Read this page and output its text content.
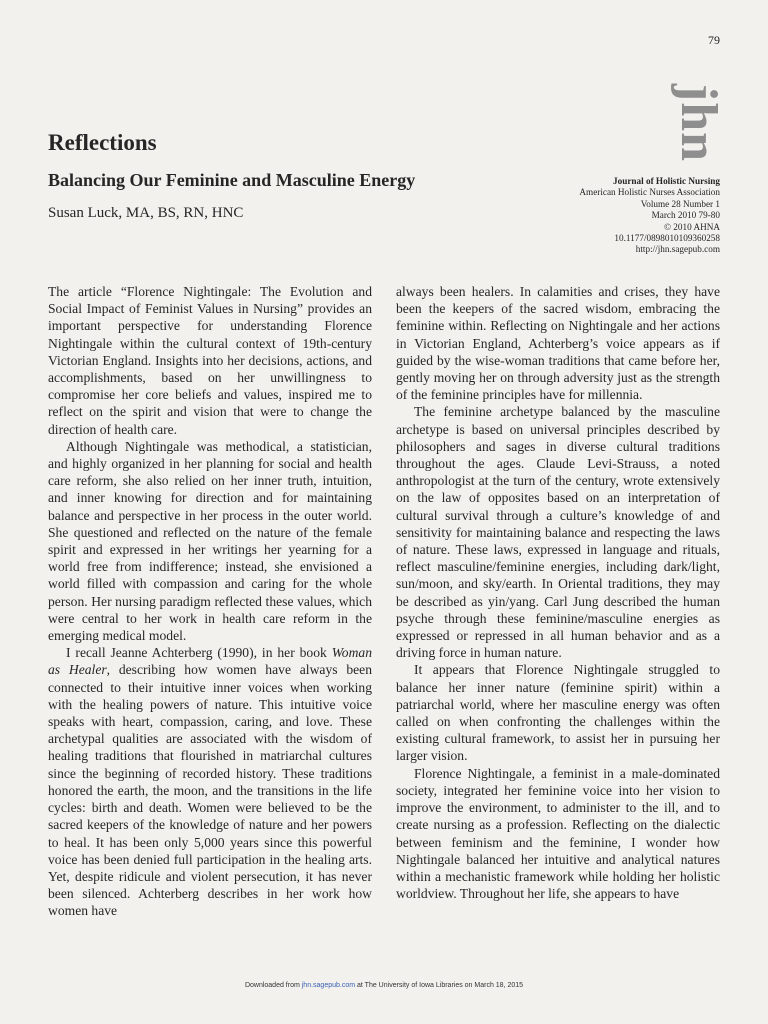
79
jhn
Reflections
Balancing Our Feminine and Masculine Energy

Susan Luck, MA, BS, RN, HNC

Journal of Holistic Nursing
American Holistic Nurses Association
Volume 28 Number 1
March 2010 79-80
© 2010 AHNA
10.1177/0898010109360258
http://jhn.sagepub.com

The article “Florence Nightingale: The Evolution and Social Impact of Feminist Values in Nursing” provides an important perspective for understanding Florence Nightingale within the cultural context of 19th-century Victorian England. Insights into her decisions, actions, and accomplishments, based on her unwillingness to compromise her core beliefs and values, inspired me to reflect on the spirit and vision that were to change the direction of health care.

Although Nightingale was methodical, a statistician, and highly organized in her planning for social and health care reform, she also relied on her inner truth, intuition, and inner knowing for direction and for maintaining balance and perspective in her process in the outer world. She questioned and reflected on the nature of the female spirit and expressed in her writings her yearning for a world free from indifference; instead, she envisioned a world filled with compassion and caring for the whole person. Her nursing paradigm reflected these values, which were central to her work in health care reform in the emerging medical model.

I recall Jeanne Achterberg (1990), in her book Woman as Healer, describing how women have always been connected to their intuitive inner voices when working with the healing powers of nature. This intuitive voice speaks with heart, compassion, caring, and love. These archetypal qualities are associated with the wisdom of healing traditions that flourished in matriarchal cultures since the beginning of recorded history. These traditions honored the earth, the moon, and the transitions in the life cycles: birth and death. Women were believed to be the sacred keepers of the knowledge of nature and her powers to heal. It has been only 5,000 years since this powerful voice has been denied full participation in the healing arts. Yet, despite ridicule and violent persecution, it has never been silenced. Achterberg describes in her work how women have

always been healers. In calamities and crises, they have been the keepers of the sacred wisdom, embracing the feminine within. Reflecting on Nightingale and her actions in Victorian England, Achterberg’s voice appears as if guided by the wise-woman traditions that came before her, gently moving her on through adversity just as the strength of the feminine principles have for millennia.

The feminine archetype balanced by the masculine archetype is based on universal principles described by philosophers and sages in diverse cultural traditions throughout the ages. Claude Levi-Strauss, a noted anthropologist at the turn of the century, wrote extensively on the law of opposites based on an interpretation of cultural survival through a culture’s knowledge of and sensitivity for maintaining balance and respecting the laws of nature. These laws, expressed in language and rituals, reflect masculine/feminine energies, including dark/light, sun/moon, and sky/earth. In Oriental traditions, they may be described as yin/yang. Carl Jung described the human psyche through these feminine/masculine energies as expressed or repressed in all human behavior and as a driving force in human nature.

It appears that Florence Nightingale struggled to balance her inner nature (feminine spirit) within a patriarchal world, where her masculine energy was often called on when confronting the challenges within the existing cultural framework, to assist her in pursuing her larger vision.

Florence Nightingale, a feminist in a male-dominated society, integrated her feminine voice into her vision to improve the environment, to administer to the ill, and to create nursing as a profession. Reflecting on the dialectic between feminism and the feminine, I wonder how Nightingale balanced her intuitive and analytical natures within a mechanistic framework while holding her holistic worldview. Throughout her life, she appears to have

Downloaded from jhn.sagepub.com at The University of Iowa Libraries on March 18, 2015
